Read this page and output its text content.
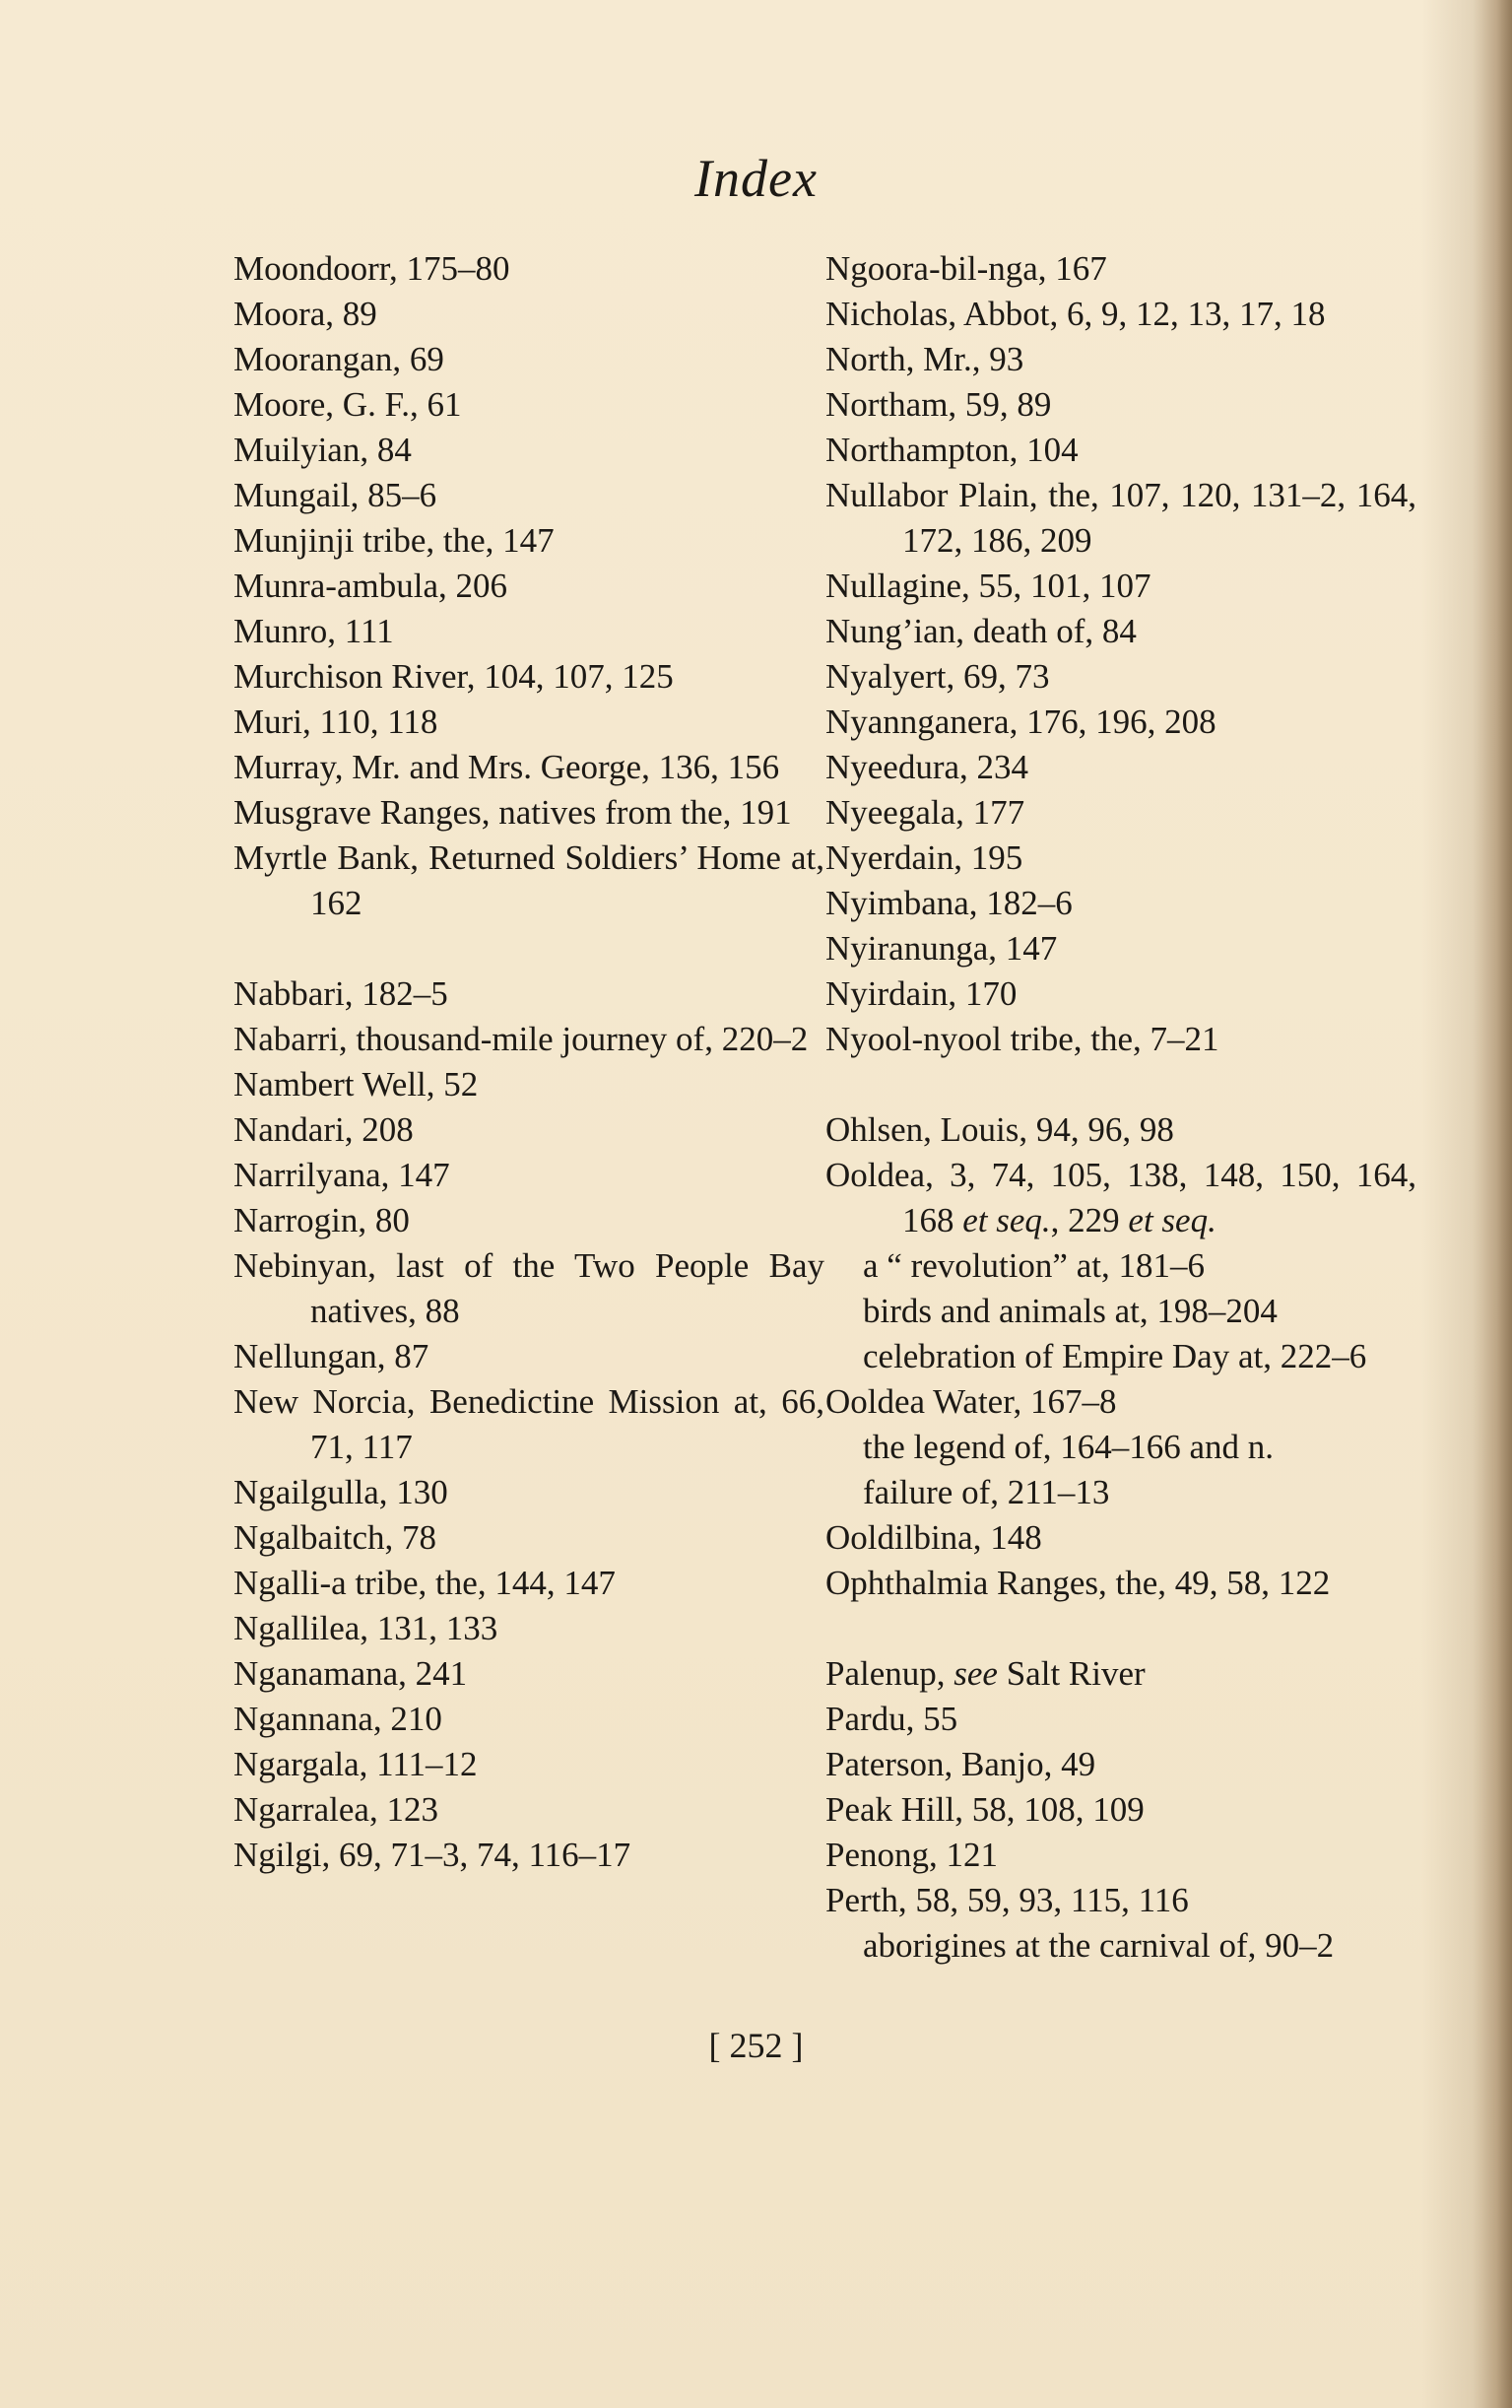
Index
Moondoorr, 175–80
Moora, 89
Moorangan, 69
Moore, G. F., 61
Muilyian, 84
Mungail, 85–6
Munjinji tribe, the, 147
Munra-ambula, 206
Munro, 111
Murchison River, 104, 107, 125
Muri, 110, 118
Murray, Mr. and Mrs. George, 136, 156
Musgrave Ranges, natives from the, 191
Myrtle Bank, Returned Soldiers’ Home at, 162
Nabbari, 182–5
Nabarri, thousand-mile journey of, 220–2
Nambert Well, 52
Nandari, 208
Narrilyana, 147
Narrogin, 80
Nebinyan, last of the Two People Bay natives, 88
Nellungan, 87
New Norcia, Benedictine Mission at, 66, 71, 117
Ngailgulla, 130
Ngalbaitch, 78
Ngalli-a tribe, the, 144, 147
Ngallilea, 131, 133
Nganamana, 241
Ngannana, 210
Ngargala, 111–12
Ngarralea, 123
Ngilgi, 69, 71–3, 74, 116–17
Ngoora-bil-nga, 167
Nicholas, Abbot, 6, 9, 12, 13, 17, 18
North, Mr., 93
Northam, 59, 89
Northampton, 104
Nullabor Plain, the, 107, 120, 131–2, 164, 172, 186, 209
Nullagine, 55, 101, 107
Nung’ian, death of, 84
Nyalyert, 69, 73
Nyannganera, 176, 196, 208
Nyeedura, 234
Nyeegala, 177
Nyerdain, 195
Nyimbana, 182–6
Nyiranunga, 147
Nyirdain, 170
Nyool-nyool tribe, the, 7–21
Ohlsen, Louis, 94, 96, 98
Ooldea, 3, 74, 105, 138, 148, 150, 164, 168 et seq., 229 et seq.
a “ revolution” at, 181–6
birds and animals at, 198–204
celebration of Empire Day at, 222–6
Ooldea Water, 167–8
the legend of, 164–166 and n.
failure of, 211–13
Ooldilbina, 148
Ophthalmia Ranges, the, 49, 58, 122
Palenup, see Salt River
Pardu, 55
Paterson, Banjo, 49
Peak Hill, 58, 108, 109
Penong, 121
Perth, 58, 59, 93, 115, 116
aborigines at the carnival of, 90–2
[ 252 ]
